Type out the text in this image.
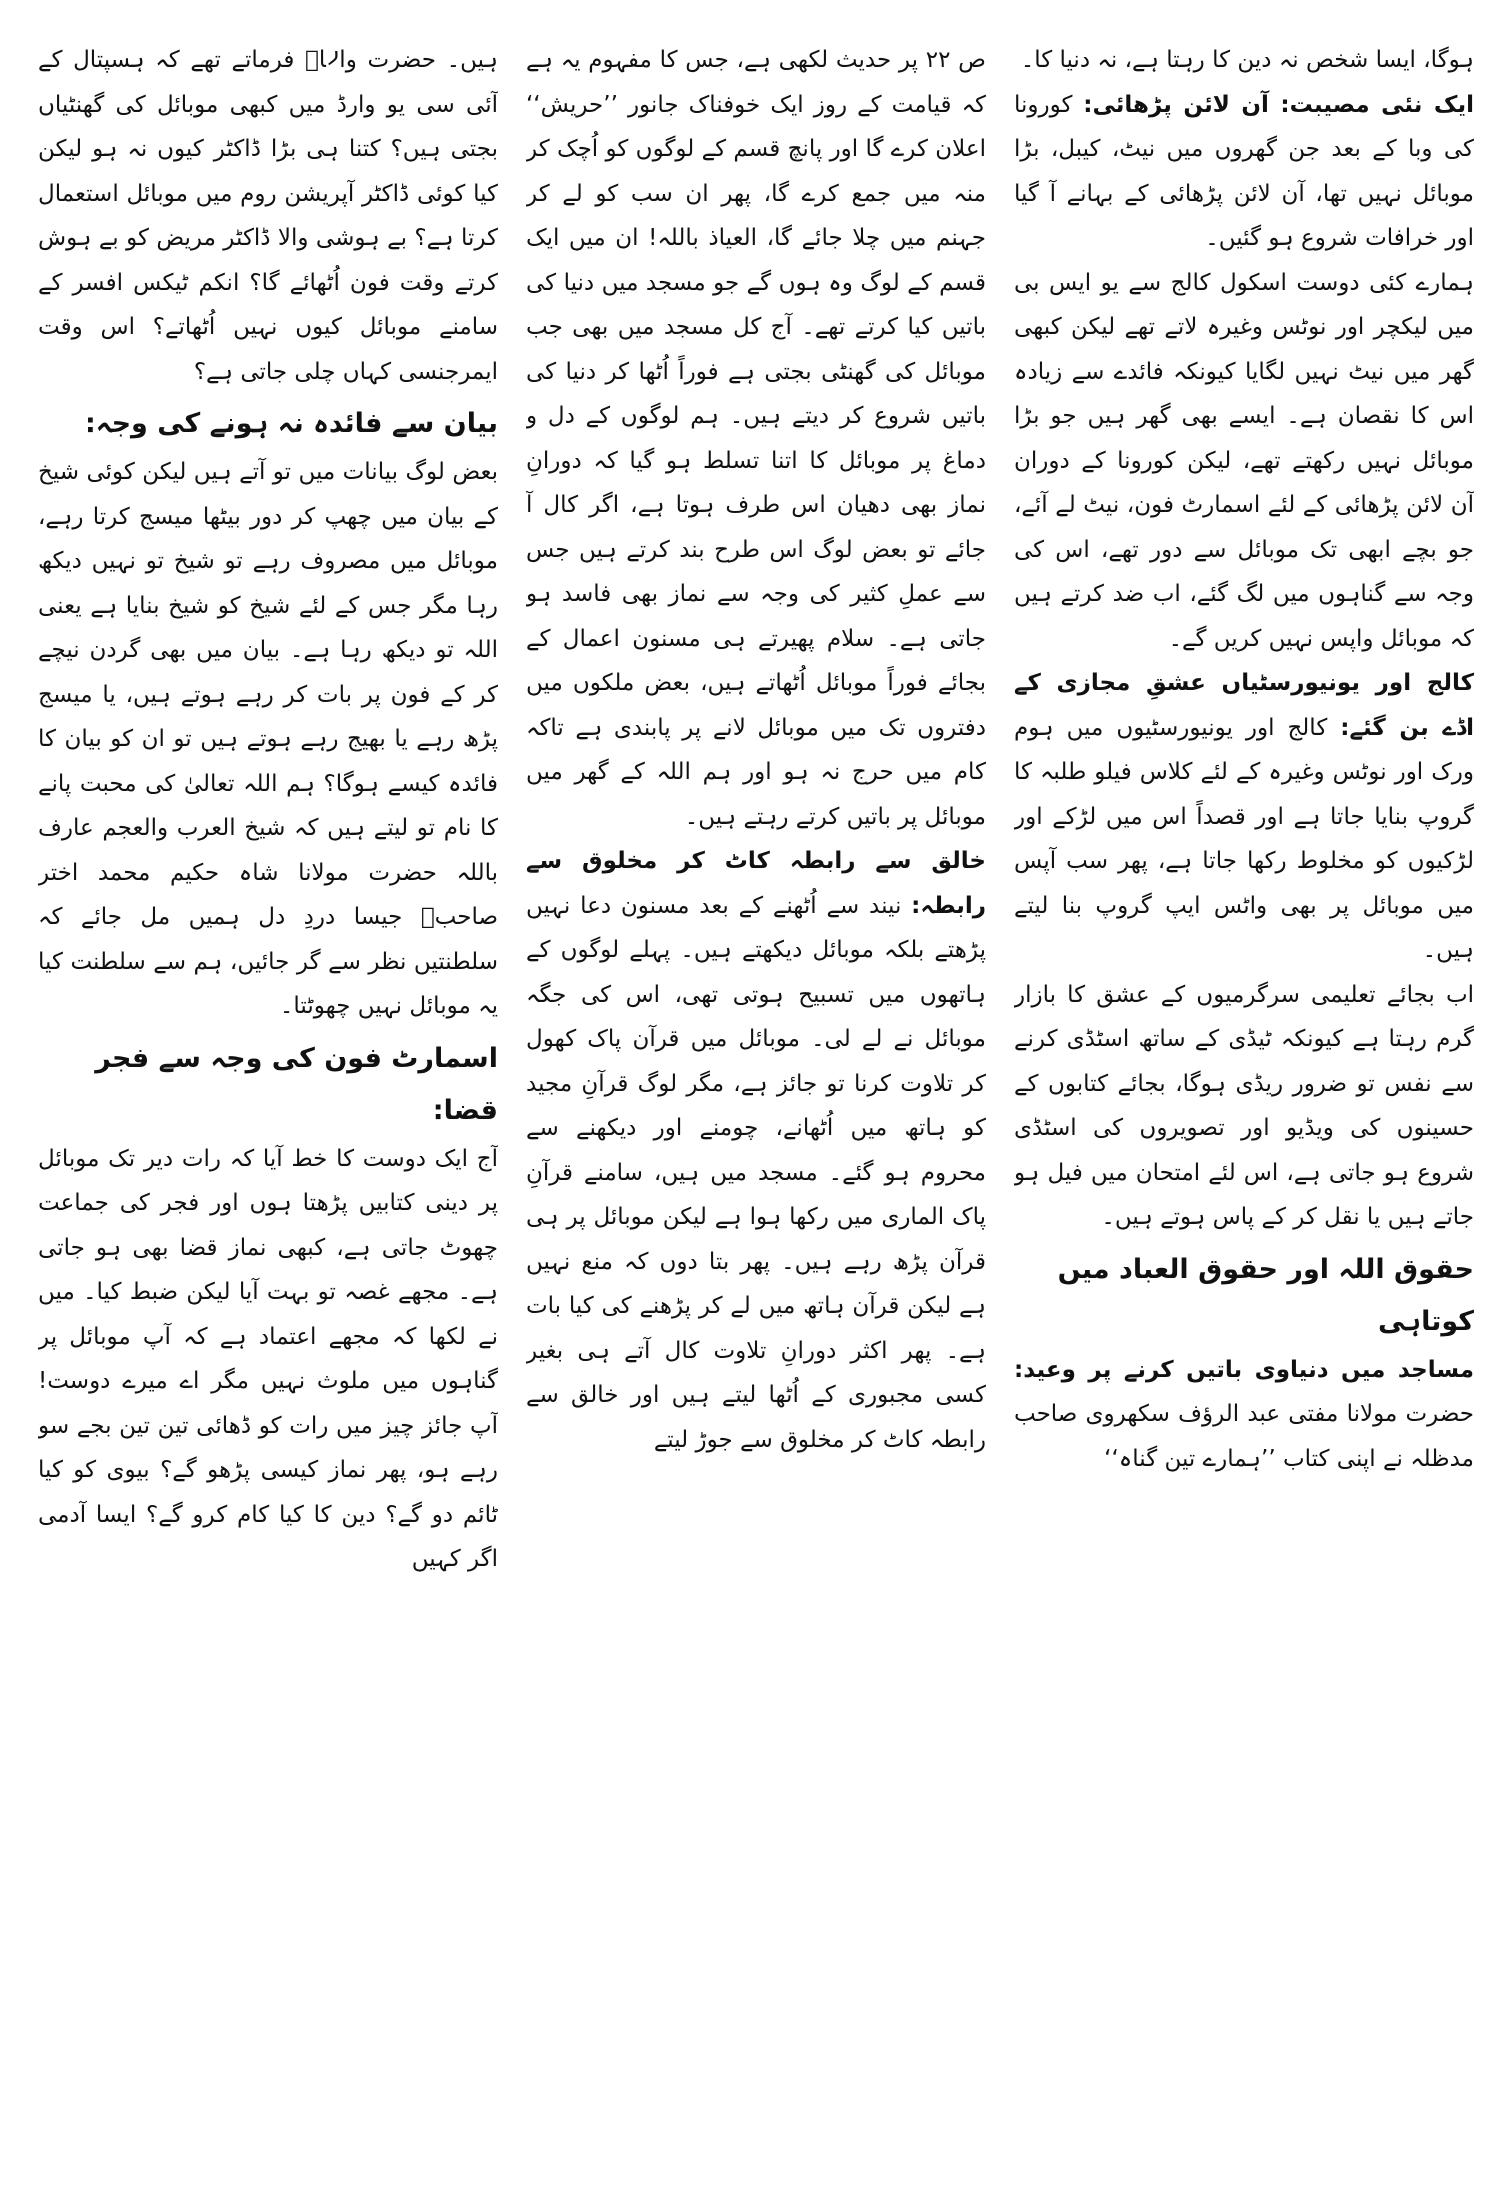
ہوگا، ایسا شخص نہ دین کا رہتا ہے، نہ دنیا کا۔

ایک نئی مصیبت: آن لائن پڑھائی: کورونا کی وبا کے بعد جن گھروں میں نیٹ، کیبل، بڑا موبائل نہیں تھا، آن لائن پڑھائی کے بہانے آ گیا اور خرافات شروع ہو گئیں۔

ہمارے کئی دوست اسکول کالج سے یو ایس بی میں لیکچر اور نوٹس وغیرہ لاتے تھے لیکن کبھی گھر میں نیٹ نہیں لگایا کیونکہ فائدے سے زیادہ اس کا نقصان ہے۔ ایسے بھی گھر ہیں جو بڑا موبائل نہیں رکھتے تھے، لیکن کورونا کے دوران آن لائن پڑھائی کے لئے اسمارٹ فون، نیٹ لے آئے، جو بچے ابھی تک موبائل سے دور تھے، اس کی وجہ سے گناہوں میں لگ گئے، اب ضد کرتے ہیں کہ موبائل واپس نہیں کریں گے۔

کالج اور یونیورسٹیاں عشقِ مجازی کے اڈے بن گئے: کالج اور یونیورسٹیوں میں ہوم ورک اور نوٹس وغیرہ کے لئے کلاس فیلو طلبہ کا گروپ بنایا جاتا ہے اور قصداً اس میں لڑکے اور لڑکیوں کو مخلوط رکھا جاتا ہے، پھر سب آپس میں موبائل پر بھی واٹس ایپ گروپ بنا لیتے ہیں۔

اب بجائے تعلیمی سرگرمیوں کے عشق کا بازار گرم رہتا ہے کیونکہ ٹیڈی کے ساتھ اسٹڈی کرنے سے نفس تو ضرور ریڈی ہوگا، بجائے کتابوں کے حسینوں کی ویڈیو اور تصویروں کی اسٹڈی شروع ہو جاتی ہے، اس لئے امتحان میں فیل ہو جاتے ہیں یا نقل کر کے پاس ہوتے ہیں۔

حقوق اللہ اور حقوق العباد میں کوتاہی

مساجد میں دنیاوی باتیں کرنے پر وعید: حضرت مولانا مفتی عبد الرؤف سکھروی صاحب مدظلہ نے اپنی کتاب ’’ہمارے تین گناہ‘‘

ص ۲۲ پر حدیث لکھی ہے، جس کا مفہوم یہ ہے کہ قیامت کے روز ایک خوفناک جانور ’’حریش‘‘ اعلان کرے گا اور پانچ قسم کے لوگوں کو اُچک کر منہ میں جمع کرے گا، پھر ان سب کو لے کر جہنم میں چلا جائے گا، العیاذ باللہ! ان میں ایک قسم کے لوگ وہ ہوں گے جو مسجد میں دنیا کی باتیں کیا کرتے تھے۔ آج کل مسجد میں بھی جب موبائل کی گھنٹی بجتی ہے فوراً اُٹھا کر دنیا کی باتیں شروع کر دیتے ہیں۔ ہم لوگوں کے دل و دماغ پر موبائل کا اتنا تسلط ہو گیا کہ دورانِ نماز بھی دھیان اس طرف ہوتا ہے، اگر کال آ جائے تو بعض لوگ اس طرح بند کرتے ہیں جس سے عملِ کثیر کی وجہ سے نماز بھی فاسد ہو جاتی ہے۔ سلام پھیرتے ہی مسنون اعمال کے بجائے فوراً موبائل اُٹھاتے ہیں، بعض ملکوں میں دفتروں تک میں موبائل لانے پر پابندی ہے تاکہ کام میں حرج نہ ہو اور ہم اللہ کے گھر میں موبائل پر باتیں کرتے رہتے ہیں۔

خالق سے رابطہ کاٹ کر مخلوق سے رابطہ: نیند سے اُٹھنے کے بعد مسنون دعا نہیں پڑھتے بلکہ موبائل دیکھتے ہیں۔ پہلے لوگوں کے ہاتھوں میں تسبیح ہوتی تھی، اس کی جگہ موبائل نے لے لی۔ موبائل میں قرآن پاک کھول کر تلاوت کرنا تو جائز ہے، مگر لوگ قرآنِ مجید کو ہاتھ میں اُٹھانے، چومنے اور دیکھنے سے محروم ہو گئے۔ مسجد میں ہیں، سامنے قرآنِ پاک الماری میں رکھا ہوا ہے لیکن موبائل پر ہی قرآن پڑھ رہے ہیں۔ پھر بتا دوں کہ منع نہیں ہے لیکن قرآن ہاتھ میں لے کر پڑھنے کی کیا بات ہے۔ پھر اکثر دورانِ تلاوت کال آتے ہی بغیر کسی مجبوری کے اُٹھا لیتے ہیں اور خالق سے رابطہ کاٹ کر مخلوق سے جوڑ لیتے

ہیں۔ حضرت والاؒ فرماتے تھے کہ ہسپتال کے آئی سی یو وارڈ میں کبھی موبائل کی گھنٹیاں بجتی ہیں؟ کتنا ہی بڑا ڈاکٹر کیوں نہ ہو لیکن کیا کوئی ڈاکٹر آپریشن روم میں موبائل استعمال کرتا ہے؟ بے ہوشی والا ڈاکٹر مریض کو بے ہوش کرتے وقت فون اُٹھائے گا؟ انکم ٹیکس افسر کے سامنے موبائل کیوں نہیں اُٹھاتے؟ اس وقت ایمرجنسی کہاں چلی جاتی ہے؟

بیان سے فائدہ نہ ہونے کی وجہ:

بعض لوگ بیانات میں تو آتے ہیں لیکن کوئی شیخ کے بیان میں چھپ کر دور بیٹھا میسج کرتا رہے، موبائل میں مصروف رہے تو شیخ تو نہیں دیکھ رہا مگر جس کے لئے شیخ کو شیخ بنایا ہے یعنی اللہ تو دیکھ رہا ہے۔ بیان میں بھی گردن نیچے کر کے فون پر بات کر رہے ہوتے ہیں، یا میسج پڑھ رہے یا بھیج رہے ہوتے ہیں تو ان کو بیان کا فائدہ کیسے ہوگا؟ ہم اللہ تعالیٰ کی محبت پانے کا نام تو لیتے ہیں کہ شیخ العرب والعجم عارف باللہ حضرت مولانا شاہ حکیم محمد اختر صاحبؒ جیسا دردِ دل ہمیں مل جائے کہ سلطنتیں نظر سے گر جائیں، ہم سے سلطنت کیا یہ موبائل نہیں چھوٹتا۔

اسمارٹ فون کی وجہ سے فجر قضا:

آج ایک دوست کا خط آیا کہ رات دیر تک موبائل پر دینی کتابیں پڑھتا ہوں اور فجر کی جماعت چھوٹ جاتی ہے، کبھی نماز قضا بھی ہو جاتی ہے۔ مجھے غصہ تو بہت آیا لیکن ضبط کیا۔ میں نے لکھا کہ مجھے اعتماد ہے کہ آپ موبائل پر گناہوں میں ملوث نہیں مگر اے میرے دوست! آپ جائز چیز میں رات کو ڈھائی تین تین بجے سو رہے ہو، پھر نماز کیسی پڑھو گے؟ بیوی کو کیا ٹائم دو گے؟ دین کا کیا کام کرو گے؟ ایسا آدمی اگر کہیں
